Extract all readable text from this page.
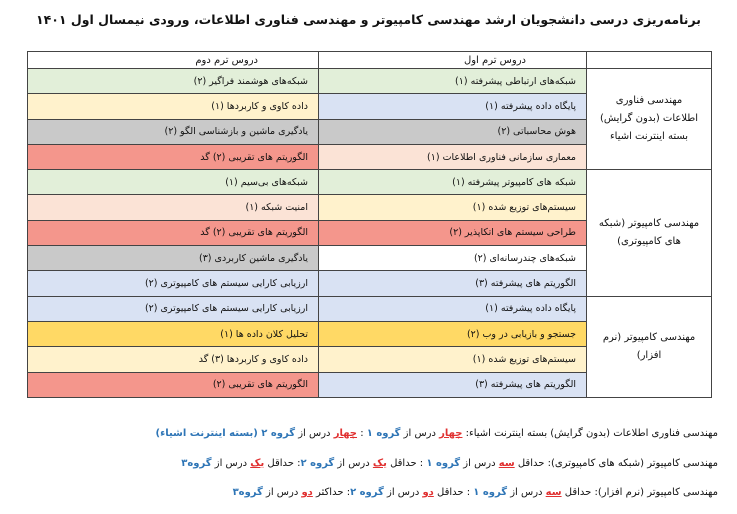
برنامه‌ریزی درسی دانشجویان ارشد مهندسی کامپیوتر و مهندسی فناوری اطلاعات، ورودی نیمسال اول ۱۴۰۱
	دروس ترم اول	دروس ترم دوم
مهندسی فناوری اطلاعات (بدون گرایش) بسته اینترنت اشیاء	شبکه‌های ارتباطی پیشرفته (۱)	شبکه‌های هوشمند فراگیر (۲)
	پایگاه داده پیشرفته (۱)	داده کاوی و کاربردها (۱)
	هوش محاسباتی (۲)	یادگیری ماشین و بازشناسی الگو (۲)
	معماری سازمانی فناوری اطلاعات (۱)	الگوریتم های تقریبی (۲) گد
مهندسی کامپیوتر (شبکه های کامپیوتری)	شبکه های کامپیوتر پیشرفته (۱)	شبکه‌های بی‌سیم (۱)
	سیستم‌های توزیع شده (۱)	امنیت شبکه (۱)
	طراحی سیستم های اتکاپذیر (۲)	الگوریتم های تقریبی (۲) گد
	شبکه‌های چندرسانه‌ای (۲)	یادگیری ماشین کاربردی (۳)
	الگوریتم های پیشرفته (۳)	ارزیابی کارایی سیستم های کامپیوتری (۲)
مهندسی کامپیوتر (نرم افزار)	پایگاه داده پیشرفته (۱)	ارزیابی کارایی سیستم های کامپیوتری (۲)
	جستجو و بازیابی در وب (۲)	تحلیل کلان داده ها (۱)
	سیستم‌های توزیع شده (۱)	داده کاوی و کاربردها (۳) گد
	الگوریتم های پیشرفته (۳)	الگوریتم های تقریبی (۲)

مهندسی فناوری اطلاعات (بدون گرایش) بسته اینترنت اشیاء: چهار درس از گروه ۱ : چهار درس از گروه ۲ (بسته اینترنت اشیاء)

مهندسی کامپیوتر (شبکه های کامپیوتری): حداقل سه درس از گروه ۱ : حداقل یک درس از گروه ۲: حداقل یک درس از گروه۳

مهندسی کامپیوتر (نرم افزار): حداقل سه درس از گروه ۱ : حداقل دو درس از گروه ۲: حداکثر دو درس از گروه۳
